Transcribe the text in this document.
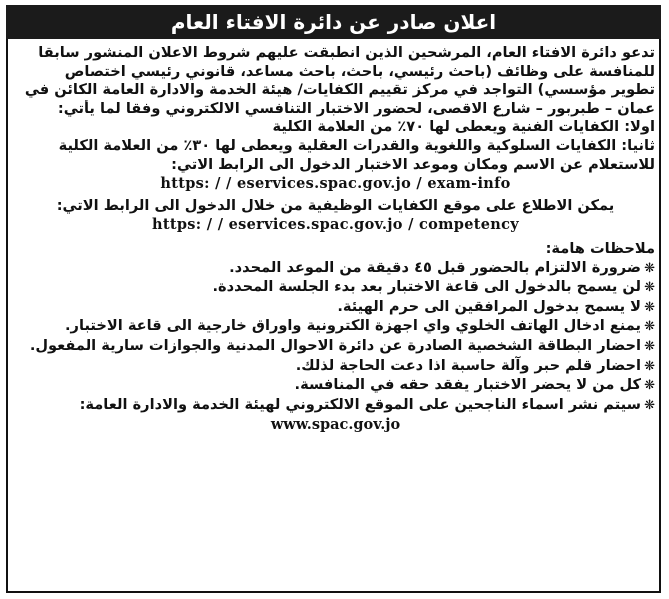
اعلان صادر عن دائرة الافتاء العام
تدعو دائرة الافتاء العام، المرشحين الذين انطبقت عليهم شروط الاعلان المنشور سابقا
للمنافسة على وظائف (باحث رئيسي، باحث، باحث مساعد، قانوني رئيسي اختصاص
تطوير مؤسسي) التواجد في مركز تقييم الكفايات/ هيئة الخدمة والادارة العامة الكائن في
عمان – طبربور – شارع الاقصى، لحضور الاختبار التنافسي الالكتروني وفقا لما يأتي:
اولا: الكفايات الفنية ويعطى لها ٧٠٪ من العلامة الكلية
ثانيا: الكفايات السلوكية واللغوية والقدرات العقلية ويعطى لها ٣٠٪ من العلامة الكلية
للاستعلام عن الاسم ومكان وموعد الاختبار الدخول الى الرابط الاتي:
https: / / eservices.spac.gov.jo / exam-info
يمكن الاطلاع على موقع الكفايات الوظيفية من خلال الدخول الى الرابط الاتي:
https: / / eservices.spac.gov.jo / competency
ملاحظات هامة:
❋
ضرورة الالتزام بالحضور قبل ٤٥ دقيقة من الموعد المحدد.
❋
لن يسمح بالدخول الى قاعة الاختبار بعد بدء الجلسة المحددة.
❋
لا يسمح بدخول المرافقين الى حرم الهيئة.
❋
يمنع ادخال الهاتف الخلوي واي اجهزة الكترونية واوراق خارجية الى قاعة الاختبار.
❋
احضار البطاقة الشخصية الصادرة عن دائرة الاحوال المدنية والجوازات سارية المفعول.
❋
احضار قلم حبر وآلة حاسبة اذا دعت الحاجة لذلك.
❋
كل من لا يحضر الاختبار يفقد حقه في المنافسة.
❋
سيتم نشر اسماء الناجحين على الموقع الالكتروني لهيئة الخدمة والادارة العامة:
www.spac.gov.jo
